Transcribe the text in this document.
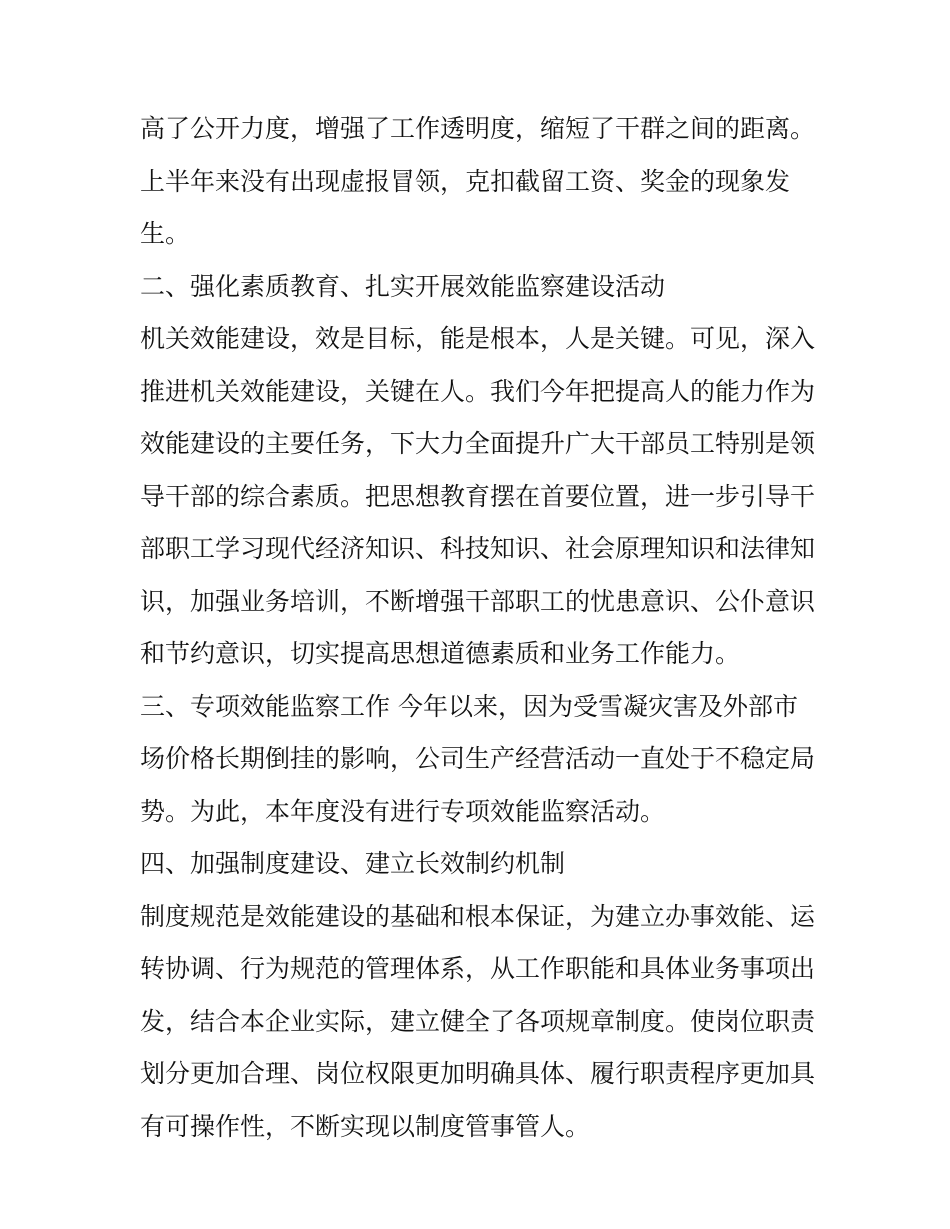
高了公开力度，增强了工作透明度，缩短了干群之间的距离。
上半年来没有出现虚报冒领，克扣截留工资、奖金的现象发
生。
二、强化素质教育、扎实开展效能监察建设活动
机关效能建设，效是目标，能是根本，人是关键。可见，深入
推进机关效能建设，关键在人。我们今年把提高人的能力作为
效能建设的主要任务，下大力全面提升广大干部员工特别是领
导干部的综合素质。把思想教育摆在首要位置，进一步引导干
部职工学习现代经济知识、科技知识、社会原理知识和法律知
识，加强业务培训，不断增强干部职工的忧患意识、公仆意识
和节约意识，切实提高思想道德素质和业务工作能力。
三、专项效能监察工作 今年以来，因为受雪凝灾害及外部市
场价格长期倒挂的影响，公司生产经营活动一直处于不稳定局
势。为此，本年度没有进行专项效能监察活动。
四、加强制度建设、建立长效制约机制
制度规范是效能建设的基础和根本保证，为建立办事效能、运
转协调、行为规范的管理体系，从工作职能和具体业务事项出
发，结合本企业实际，建立健全了各项规章制度。使岗位职责
划分更加合理、岗位权限更加明确具体、履行职责程序更加具
有可操作性，不断实现以制度管事管人。
